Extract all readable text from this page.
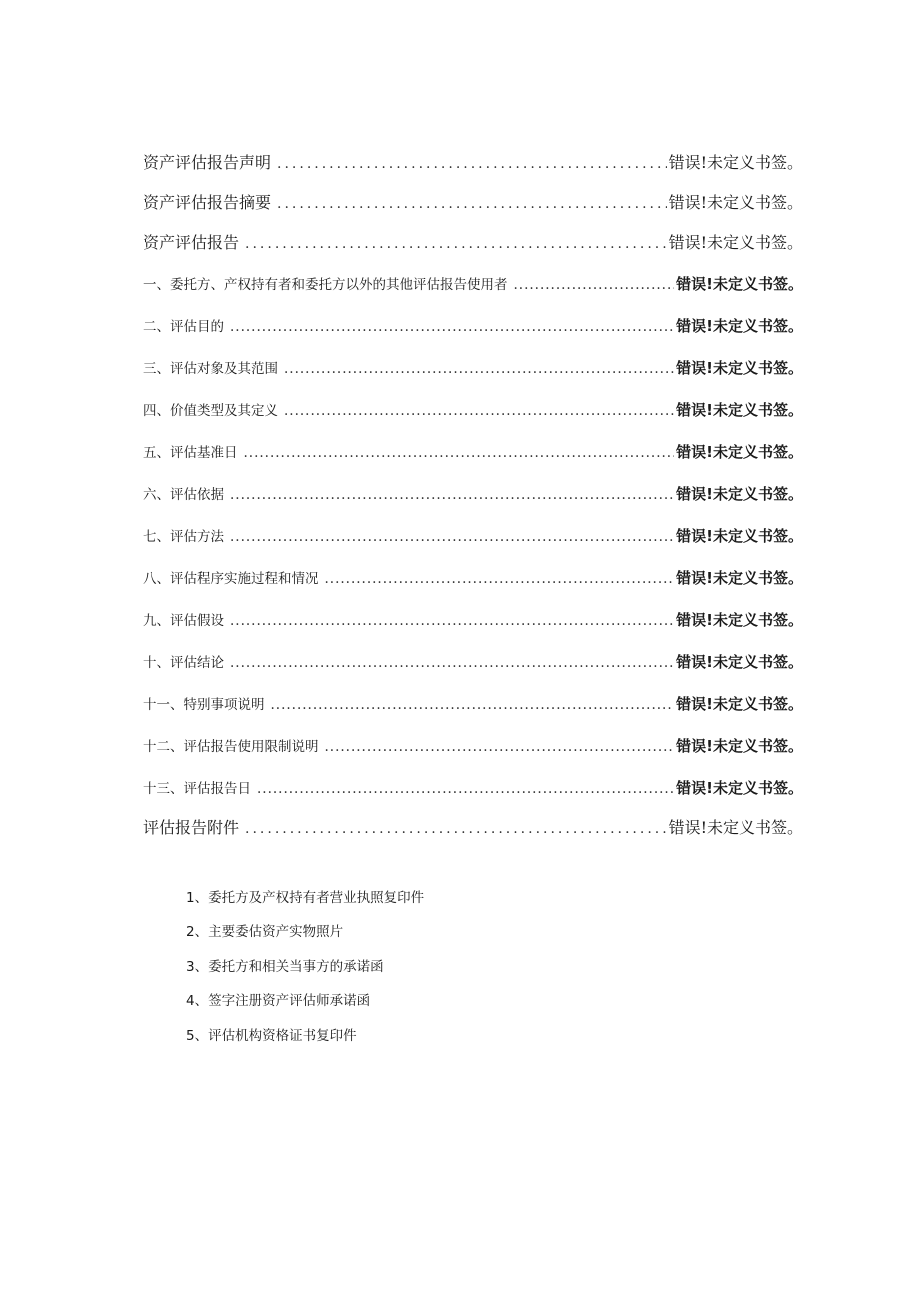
资产评估报告声明 .....	错误!未定义书签。
资产评估报告摘要 .....	错误!未定义书签。
资产评估报告 .....	错误!未定义书签。
一、委托方、产权持有者和委托方以外的其他评估报告使用者 .....	错误!未定义书签。
二、评估目的 .....	错误!未定义书签。
三、评估对象及其范围 .....	错误!未定义书签。
四、价值类型及其定义 .....	错误!未定义书签。
五、评估基准日 .....	错误!未定义书签。
六、评估依据 .....	错误!未定义书签。
七、评估方法 .....	错误!未定义书签。
八、评估程序实施过程和情况 .....	错误!未定义书签。
九、评估假设 .....	错误!未定义书签。
十、评估结论 .....	错误!未定义书签。
十一、特别事项说明 .....	错误!未定义书签。
十二、评估报告使用限制说明 .....	错误!未定义书签。
十三、评估报告日 .....	错误!未定义书签。
评估报告附件 .....	错误!未定义书签。
1、委托方及产权持有者营业执照复印件
2、主要委估资产实物照片
3、委托方和相关当事方的承诺函
4、签字注册资产评估师承诺函
5、评估机构资格证书复印件
